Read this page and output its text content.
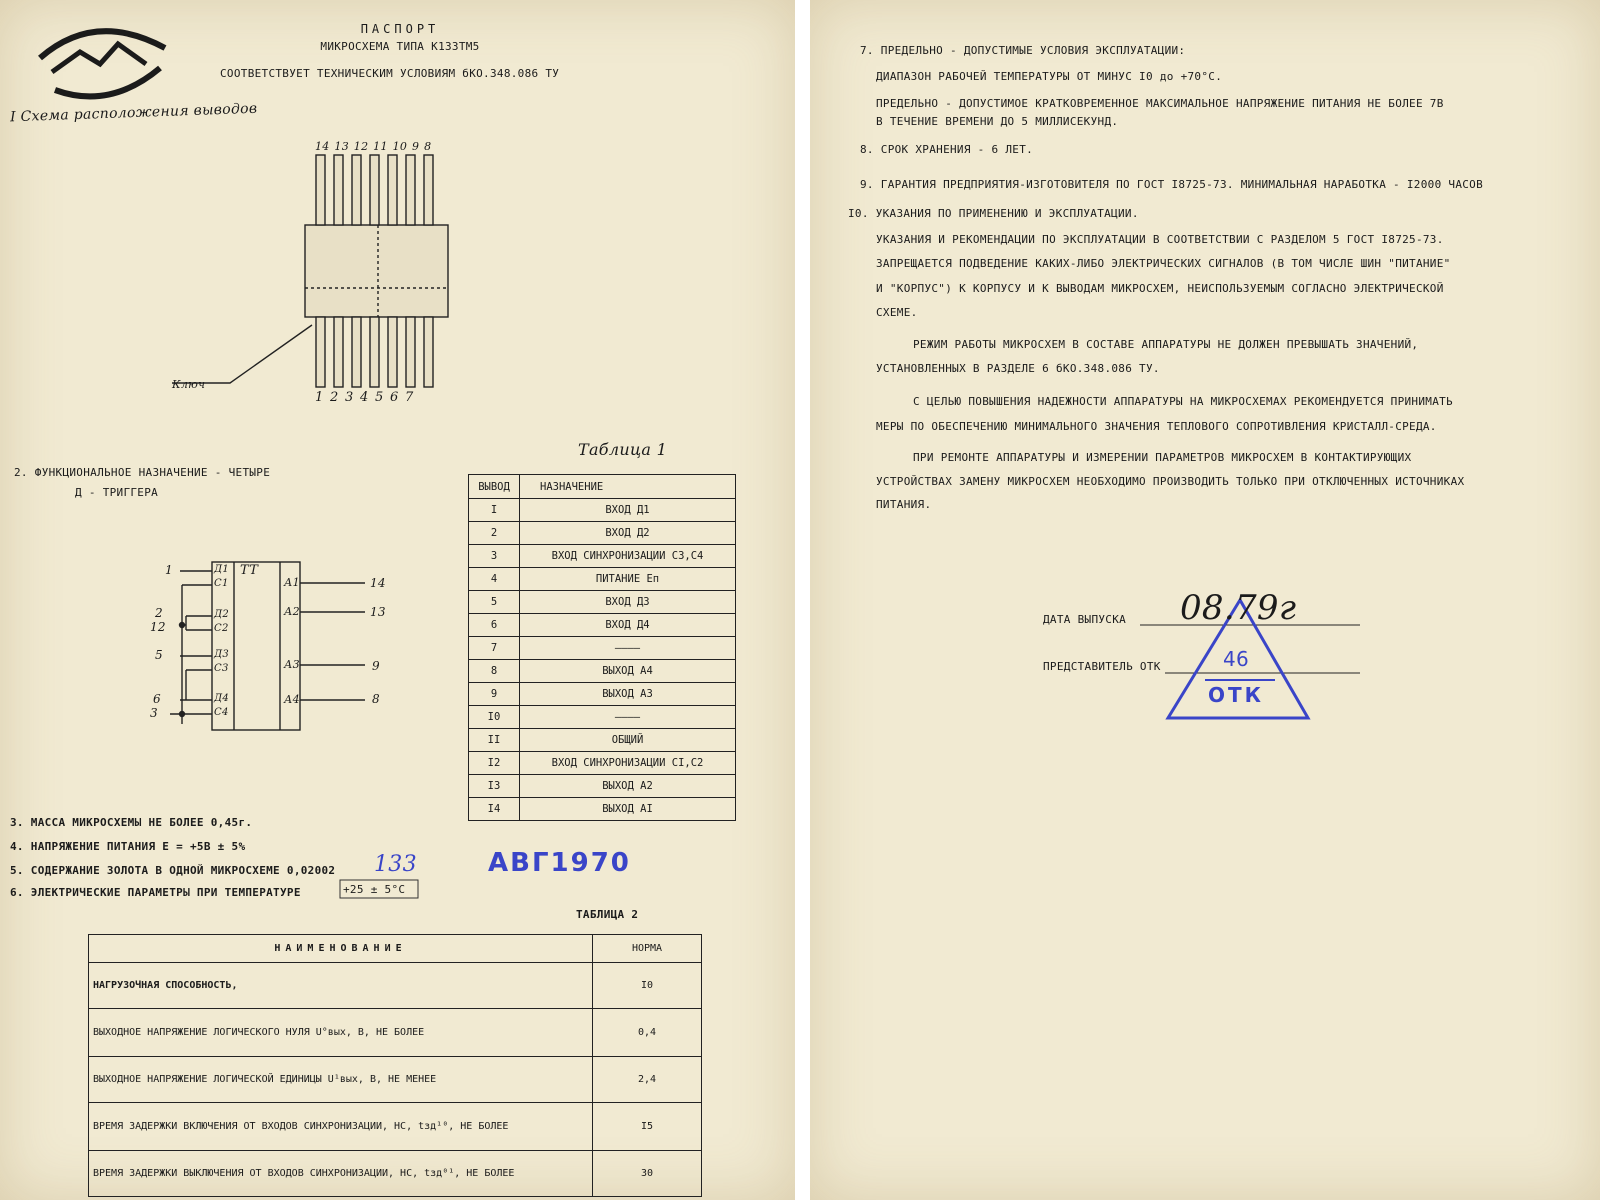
ПАСПОРТ
МИКРОСХЕМА ТИПА К133ТМ5
СООТВЕТСТВУЕТ ТЕХНИЧЕСКИМ УСЛОВИЯМ бКО.348.086 ТУ
I Схема расположения выводов
14 13 12 11 10 9 8
1 2 3 4 5 6 7
Ключ
2. ФУНКЦИОНАЛЬНОЕ НАЗНАЧЕНИЕ - ЧЕТЫРЕ
Д - ТРИГГЕРА
TT
Д1
С1
Д2
С2
Д3
С3
Д4
С4
А1
А2
А3
А4
1
2
12
5
6
3
14
13
9
8
Таблица 1
ВЫВОД	НАЗНАЧЕНИЕ
I	ВХОД Д1
2	ВХОД Д2
3	ВХОД СИНХРОНИЗАЦИИ С3,С4
4	ПИТАНИЕ Еп
5	ВХОД Д3
6	ВХОД Д4
7	————
8	ВЫХОД А4
9	ВЫХОД А3
I0	————
II	ОБЩИЙ
I2	ВХОД СИНХРОНИЗАЦИИ СI,С2
I3	ВЫХОД А2
I4	ВЫХОД АI
3. МАССА МИКРОСХЕМЫ НЕ БОЛЕЕ 0,45г.
4. НАПРЯЖЕНИЕ ПИТАНИЯ Е = +5В ± 5%
5. СОДЕРЖАНИЕ ЗОЛОТА В ОДНОЙ МИКРОСХЕМЕ 0,02002 133
6. ЭЛЕКТРИЧЕСКИЕ ПАРАМЕТРЫ ПРИ ТЕМПЕРАТУРЕ	+25 ± 5°С
АВГ1970
ТАБЛИЦА 2
НАИМЕНОВАНИЕ	НОРМА
НАГРУЗОЧНАЯ СПОСОБНОСТЬ,	I0
ВЫХОДНОЕ НАПРЯЖЕНИЕ ЛОГИЧЕСКОГО НУЛЯ U°вых, В, НЕ БОЛЕЕ	0,4
ВЫХОДНОЕ НАПРЯЖЕНИЕ ЛОГИЧЕСКОЙ ЕДИНИЦЫ U¹вых, В, НЕ МЕНЕЕ	2,4
ВРЕМЯ ЗАДЕРЖКИ ВКЛЮЧЕНИЯ ОТ ВХОДОВ СИНХРОНИЗАЦИИ, НС, tзд¹⁰, НЕ БОЛЕЕ	I5
ВРЕМЯ ЗАДЕРЖКИ ВЫКЛЮЧЕНИЯ ОТ ВХОДОВ СИНХРОНИЗАЦИИ, НС, tзд⁰¹, НЕ БОЛЕЕ	30
7. ПРЕДЕЛЬНО - ДОПУСТИМЫЕ УСЛОВИЯ ЭКСПЛУАТАЦИИ:
ДИАПАЗОН РАБОЧЕЙ ТЕМПЕРАТУРЫ ОТ МИНУС I0 до +70°С.
ПРЕДЕЛЬНО - ДОПУСТИМОЕ КРАТКОВРЕМЕННОЕ МАКСИМАЛЬНОЕ НАПРЯЖЕНИЕ ПИТАНИЯ НЕ БОЛЕЕ 7В
В ТЕЧЕНИЕ ВРЕМЕНИ ДО 5 МИЛЛИСЕКУНД.
8. СРОК ХРАНЕНИЯ - 6 ЛЕТ.
9. ГАРАНТИЯ ПРЕДПРИЯТИЯ-ИЗГОТОВИТЕЛЯ ПО ГОСТ I8725-73. МИНИМАЛЬНАЯ НАРАБОТКА - I2000 ЧАСОВ
I0. УКАЗАНИЯ ПО ПРИМЕНЕНИЮ И ЭКСПЛУАТАЦИИ.
УКАЗАНИЯ И РЕКОМЕНДАЦИИ ПО ЭКСПЛУАТАЦИИ В СООТВЕТСТВИИ С РАЗДЕЛОМ 5 ГОСТ I8725-73.
ЗАПРЕЩАЕТСЯ ПОДВЕДЕНИЕ КАКИХ-ЛИБО ЭЛЕКТРИЧЕСКИХ СИГНАЛОВ (В ТОМ ЧИСЛЕ ШИН "ПИТАНИЕ"
И "КОРПУС") К КОРПУСУ И К ВЫВОДАМ МИКРОСХЕМ, НЕИСПОЛЬЗУЕМЫМ СОГЛАСНО ЭЛЕКТРИЧЕСКОЙ
СХЕМЕ.
РЕЖИМ РАБОТЫ МИКРОСХЕМ В СОСТАВЕ АППАРАТУРЫ НЕ ДОЛЖЕН ПРЕВЫШАТЬ ЗНАЧЕНИЙ,
УСТАНОВЛЕННЫХ В РАЗДЕЛЕ 6 бКО.348.086 ТУ.
С ЦЕЛЬЮ ПОВЫШЕНИЯ НАДЕЖНОСТИ АППАРАТУРЫ НА МИКРОСХЕМАХ РЕКОМЕНДУЕТСЯ ПРИНИМАТЬ
МЕРЫ ПО ОБЕСПЕЧЕНИЮ МИНИМАЛЬНОГО ЗНАЧЕНИЯ ТЕПЛОВОГО СОПРОТИВЛЕНИЯ КРИСТАЛЛ-СРЕДА.
ПРИ РЕМОНТЕ АППАРАТУРЫ И ИЗМЕРЕНИИ ПАРАМЕТРОВ МИКРОСХЕМ В КОНТАКТИРУЮЩИХ
УСТРОЙСТВАХ ЗАМЕНУ МИКРОСХЕМ НЕОБХОДИМО ПРОИЗВОДИТЬ ТОЛЬКО ПРИ ОТКЛЮЧЕННЫХ ИСТОЧНИКАХ
ПИТАНИЯ.
ДАТА ВЫПУСКА 08.79г
ПРЕДСТАВИТЕЛЬ ОТК	46
ОТК
